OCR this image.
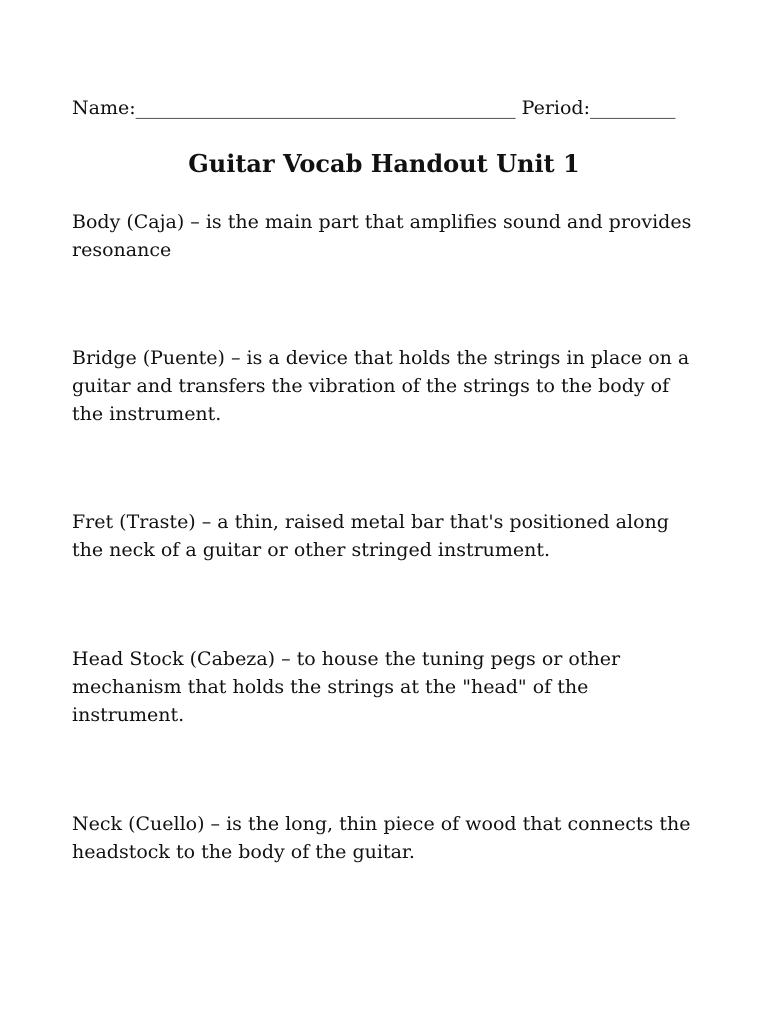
Name:________________________________________ Period:_________
Guitar Vocab Handout Unit 1
Body (Caja) – is the main part that amplifies sound and provides resonance
Bridge (Puente) – is a device that holds the strings in place on a guitar and transfers the vibration of the strings to the body of the instrument.
Fret (Traste) – a thin, raised metal bar that's positioned along the neck of a guitar or other stringed instrument.
Head Stock (Cabeza) – to house the tuning pegs or other mechanism that holds the strings at the "head" of the instrument.
Neck (Cuello) – is the long, thin piece of wood that connects the headstock to the body of the guitar.
